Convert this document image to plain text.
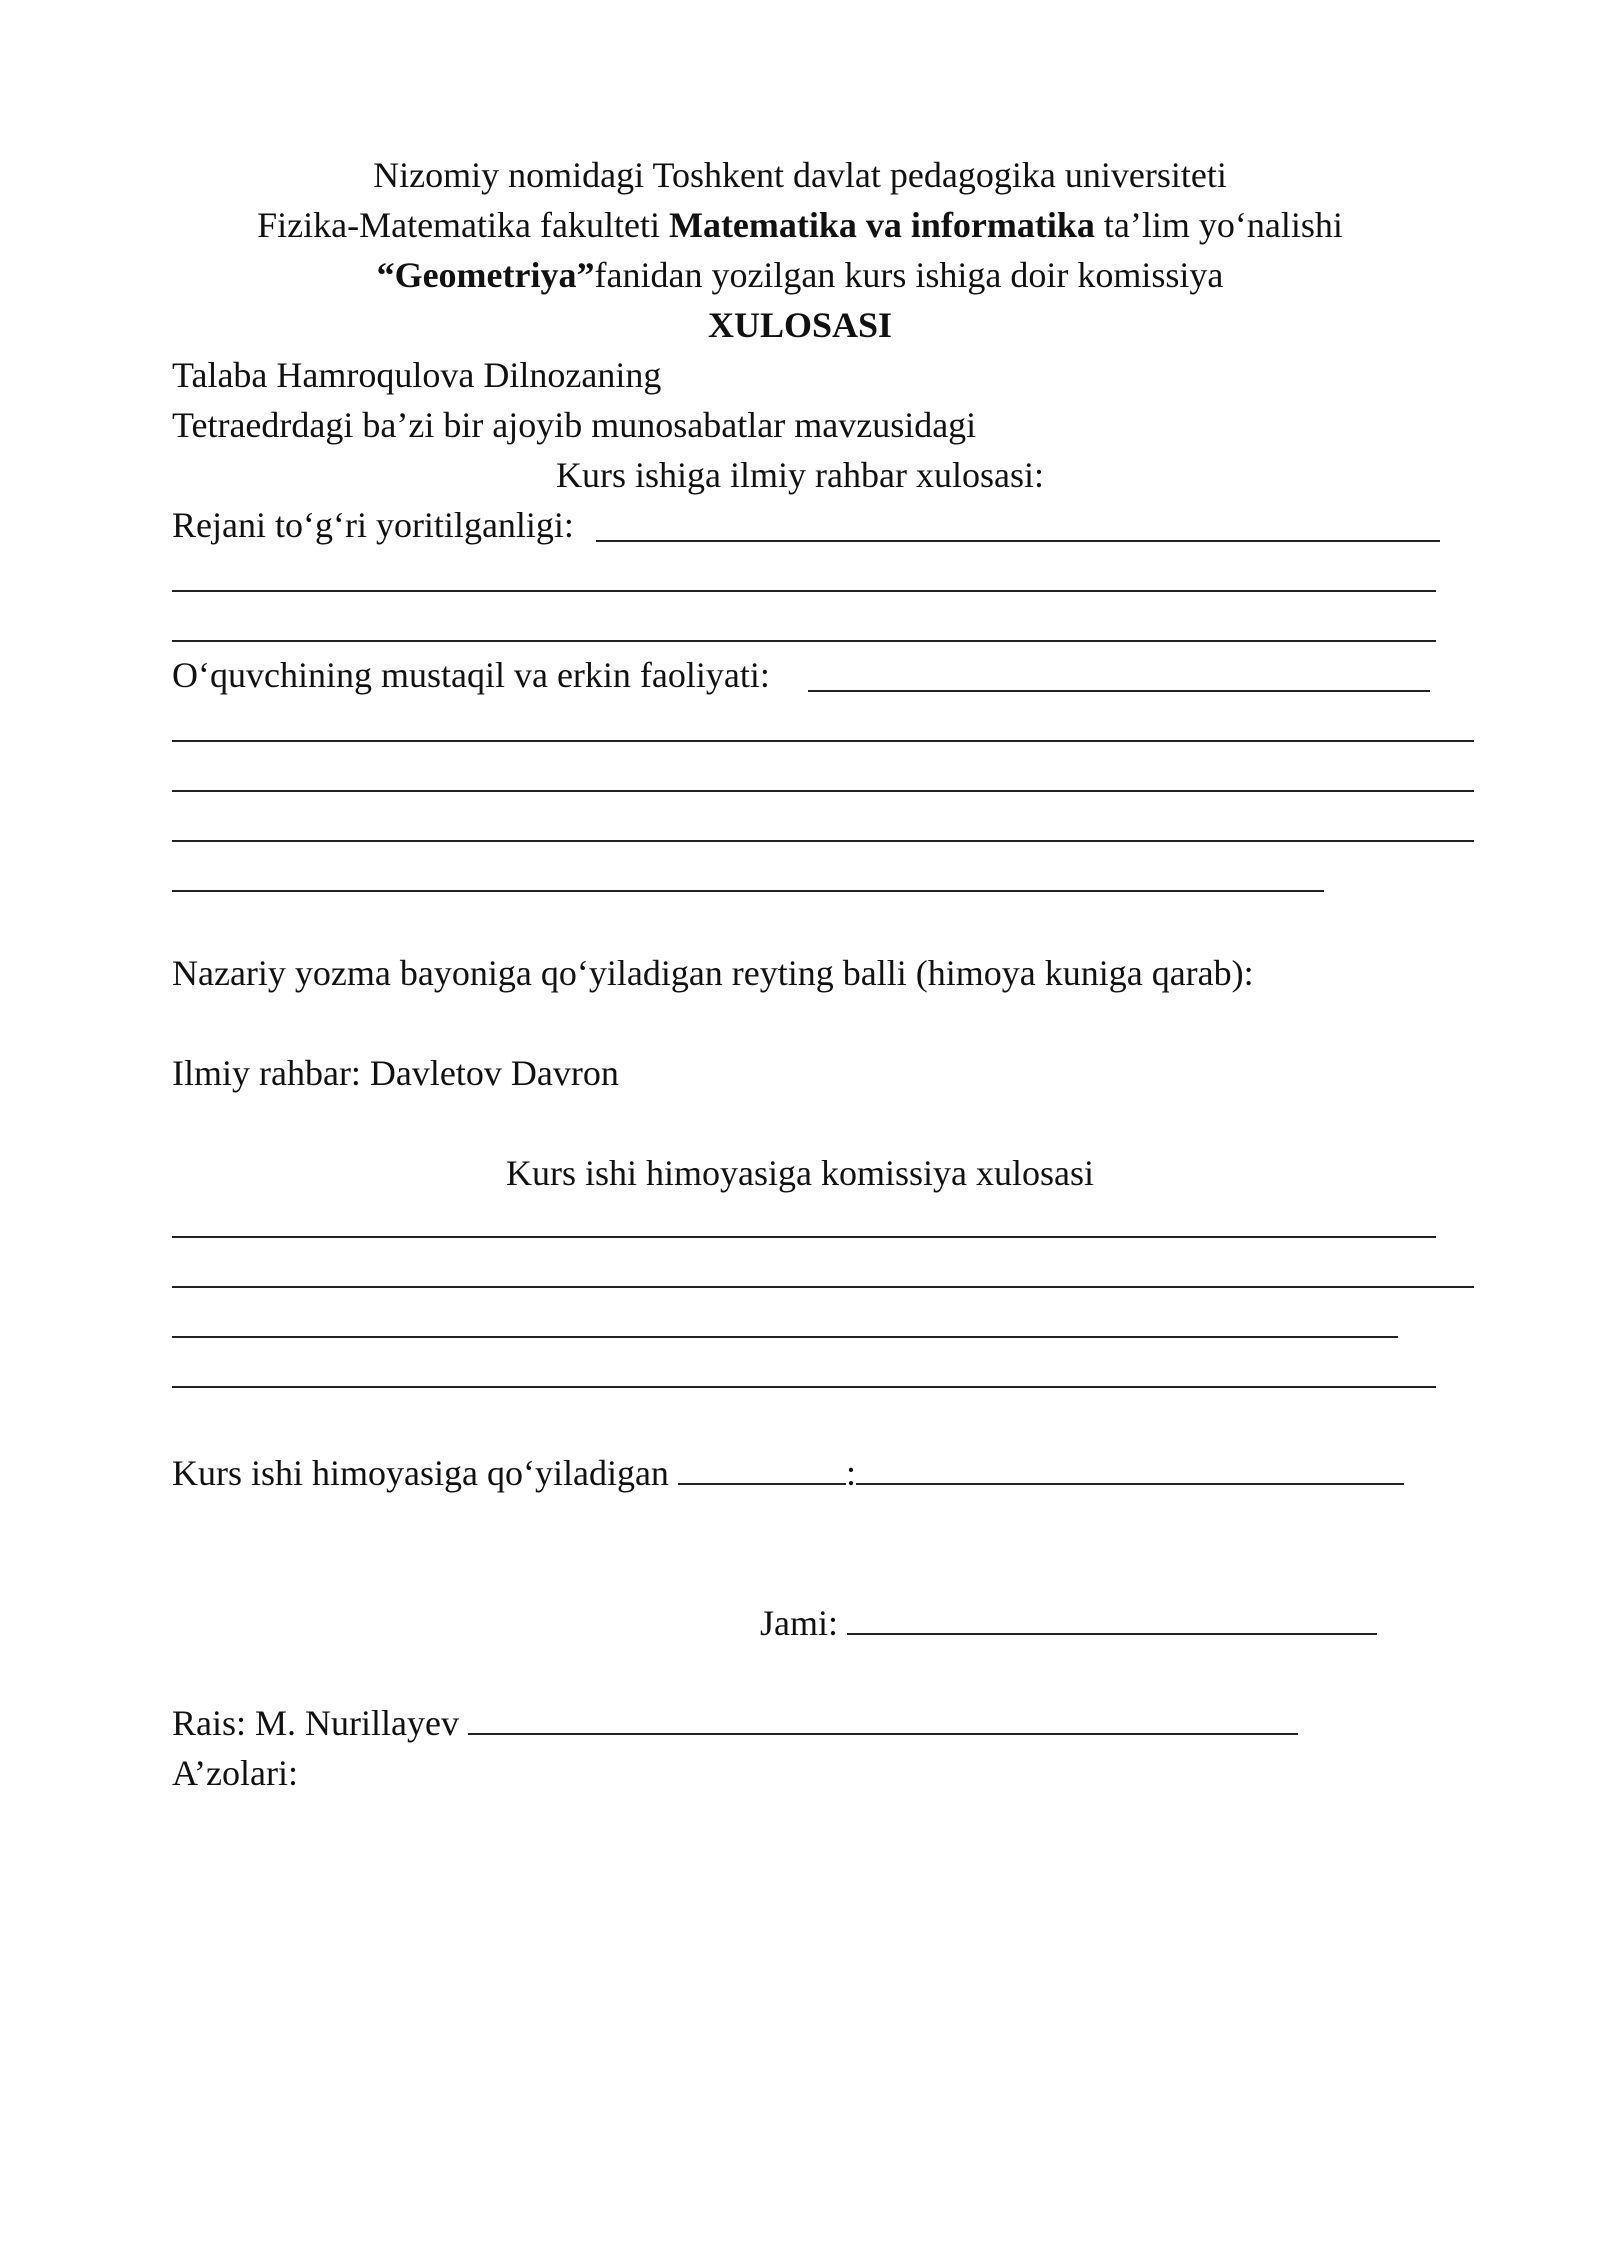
Nizomiy nomidagi Toshkent davlat pedagogika universiteti
Fizika-Matematika fakulteti Matematika va informatika ta’lim yo‘nalishi
“Geometriya”fanidan yozilgan kurs ishiga doir komissiya
XULOSASI
Talaba Hamroqulova Dilnozaning
Tetraedrdagi ba’zi bir ajoyib munosabatlar mavzusidagi
Kurs ishiga ilmiy rahbar xulosasi:
Rejani to‘g‘ri yoritilganligi:
O‘quvchining mustaqil va erkin faoliyati:
Nazariy yozma bayoniga qo‘yiladigan reyting balli (himoya kuniga qarab):
Ilmiy rahbar: Davletov Davron
Kurs ishi himoyasiga komissiya xulosasi
Kurs ishi himoyasiga qo‘yiladigan	:
Jami:
Rais: M. Nurillayev
A’zolari:
